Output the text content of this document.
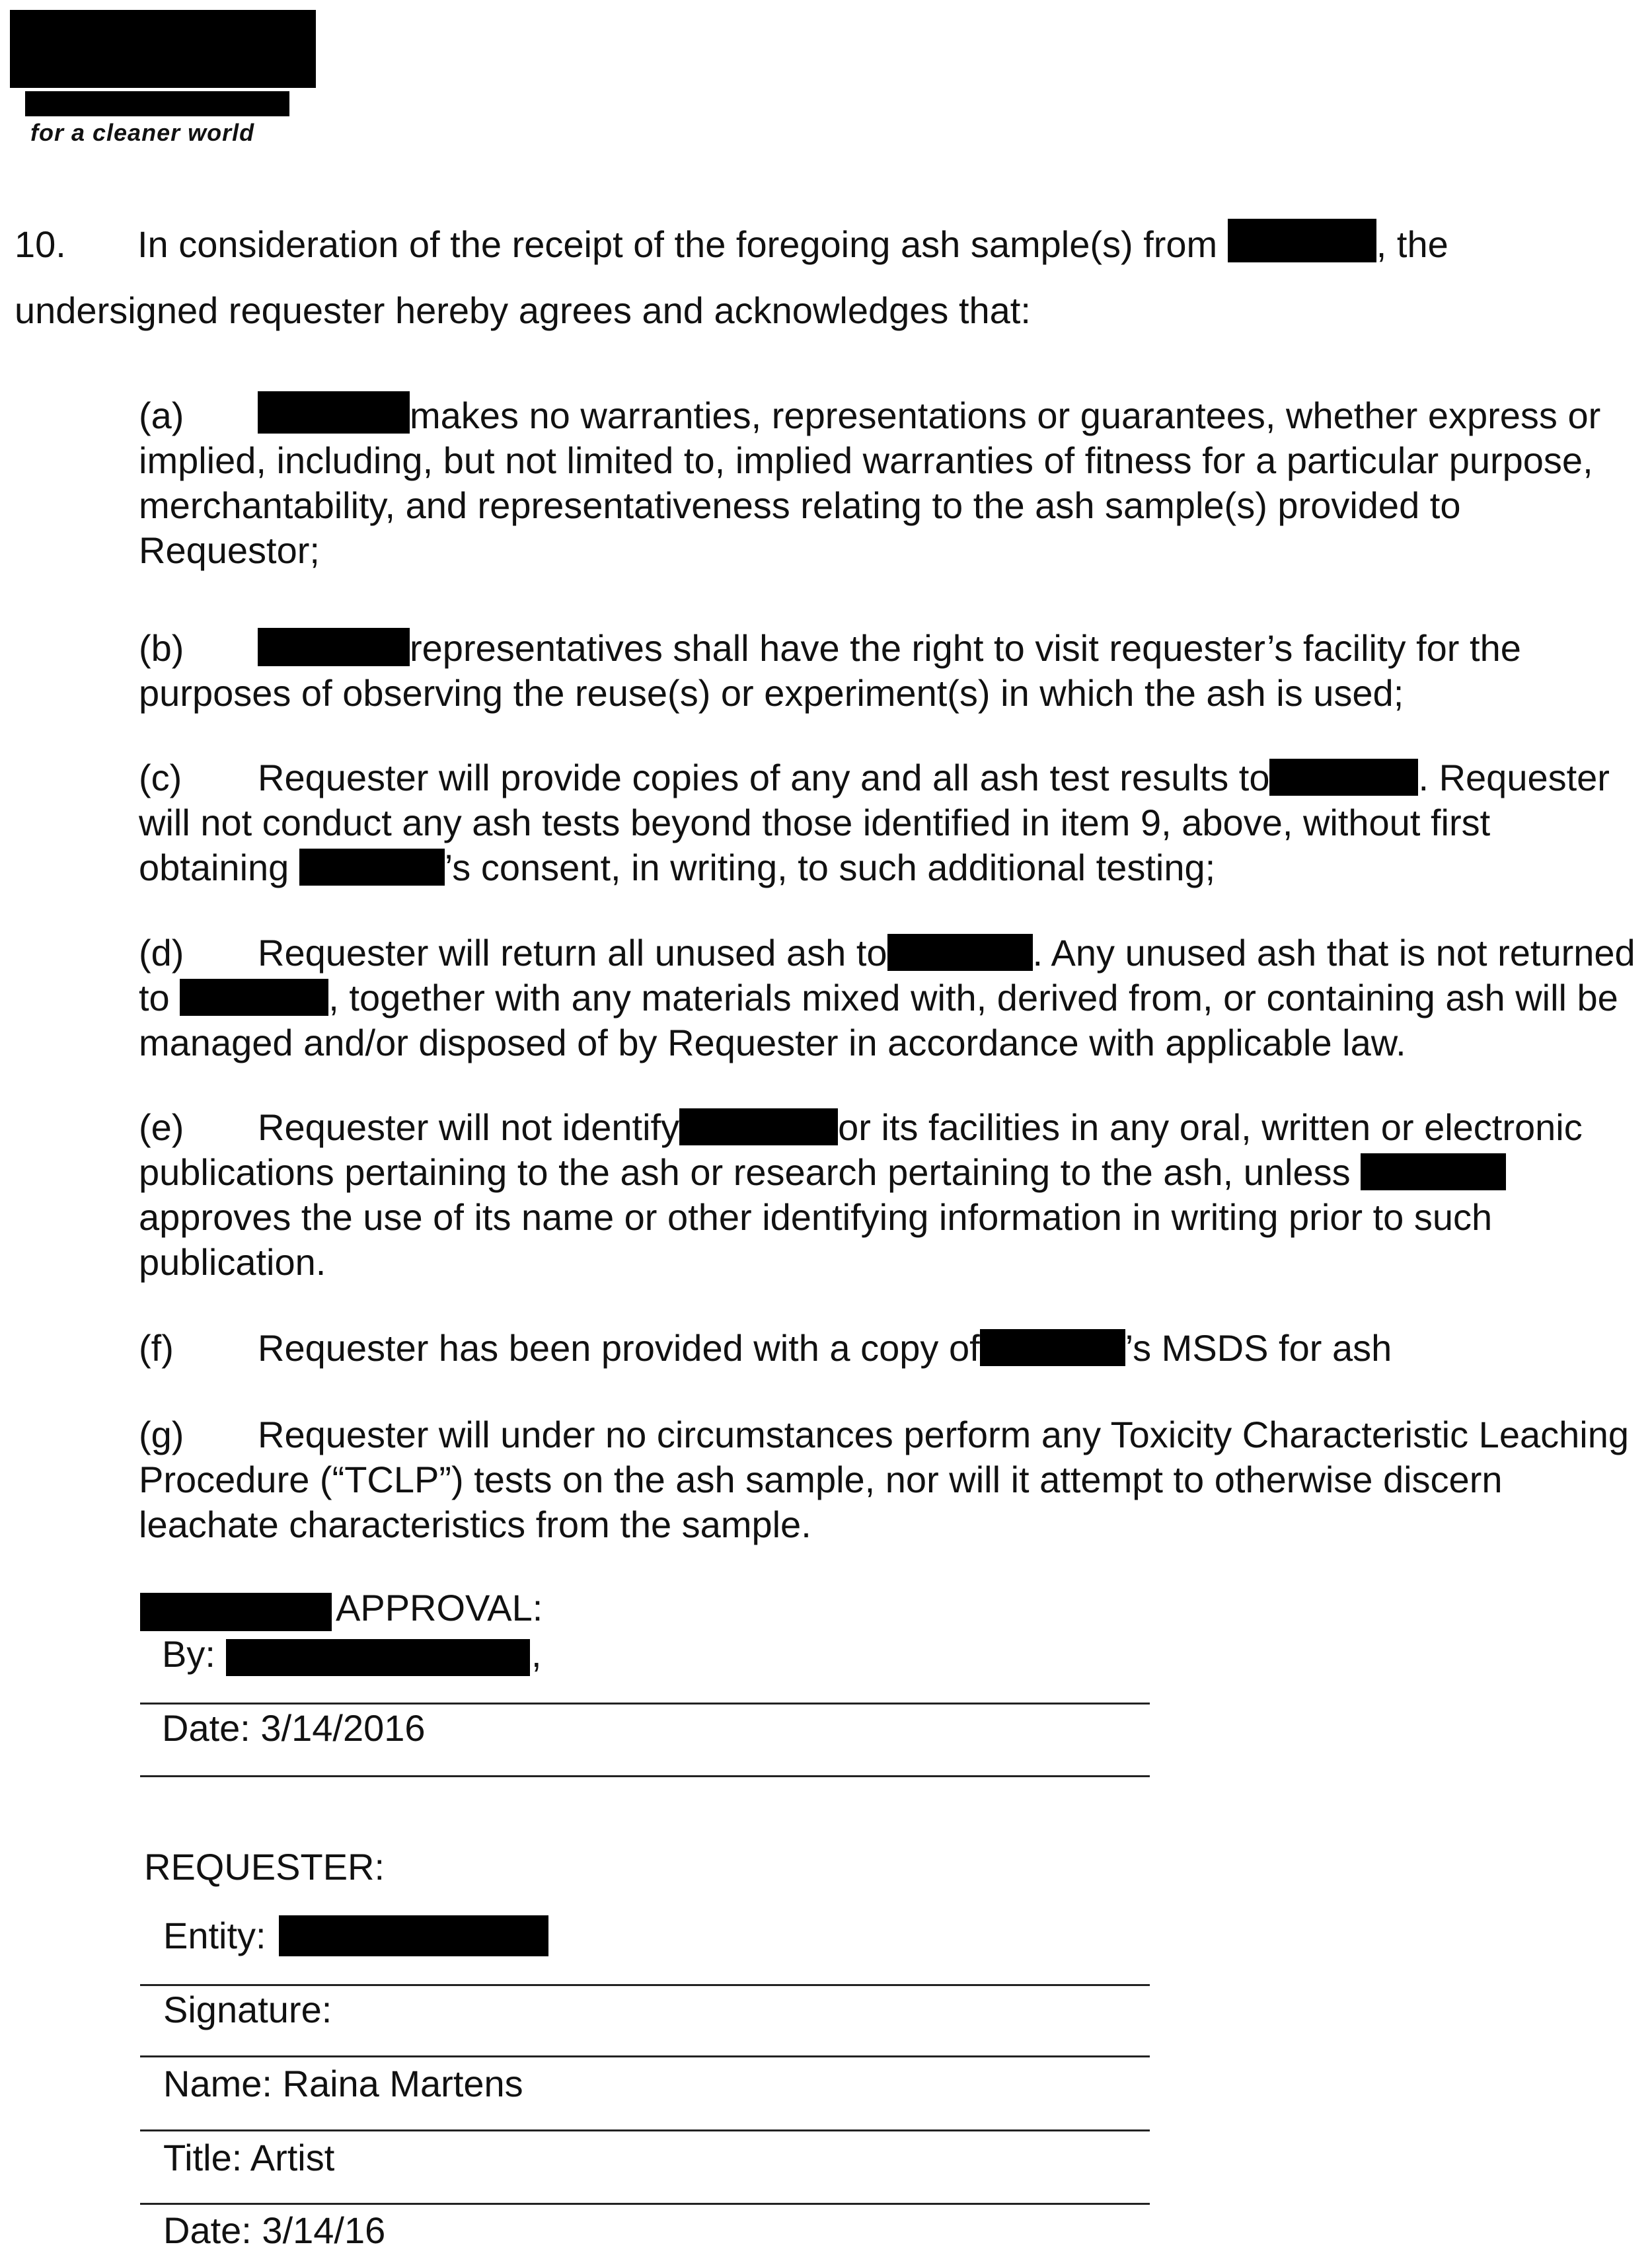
for a cleaner world
10. In consideration of the receipt of the foregoing ash sample(s) from	, the
undersigned requester hereby agrees and acknowledges that:
(a)	makes no warranties, representations or guarantees, whether express or implied, including, but not limited to, implied warranties of fitness for a particular purpose, merchantability, and representativeness relating to the ash sample(s) provided to Requestor;
(b)	representatives shall have the right to visit requester’s facility for the purposes of observing the reuse(s) or experiment(s) in which the ash is used;
(c) Requester will provide copies of any and all ash test results to	. Requester will not conduct any ash tests beyond those identified in item 9, above, without first obtaining	’s consent, in writing, to such additional testing;
(d) Requester will return all unused ash to	. Any unused ash that is not returned to	, together with any materials mixed with, derived from, or containing ash will be managed and/or disposed of by Requester in accordance with applicable law.
(e) Requester will not identify	or its facilities in any oral, written or electronic publications pertaining to the ash or research pertaining to the ash, unless  approves the use of its name or other identifying information in writing prior to such publication.
(f) Requester has been provided with a copy of	’s MSDS for ash
(g) Requester will under no circumstances perform any Toxicity Characteristic Leaching Procedure (“TCLP”) tests on the ash sample, nor will it attempt to otherwise discern leachate characteristics from the sample.
APPROVAL:
By:	,
Date: 3/14/2016
REQUESTER:
Entity:
Signature:
Name: Raina Martens
Title: Artist
Date: 3/14/16
